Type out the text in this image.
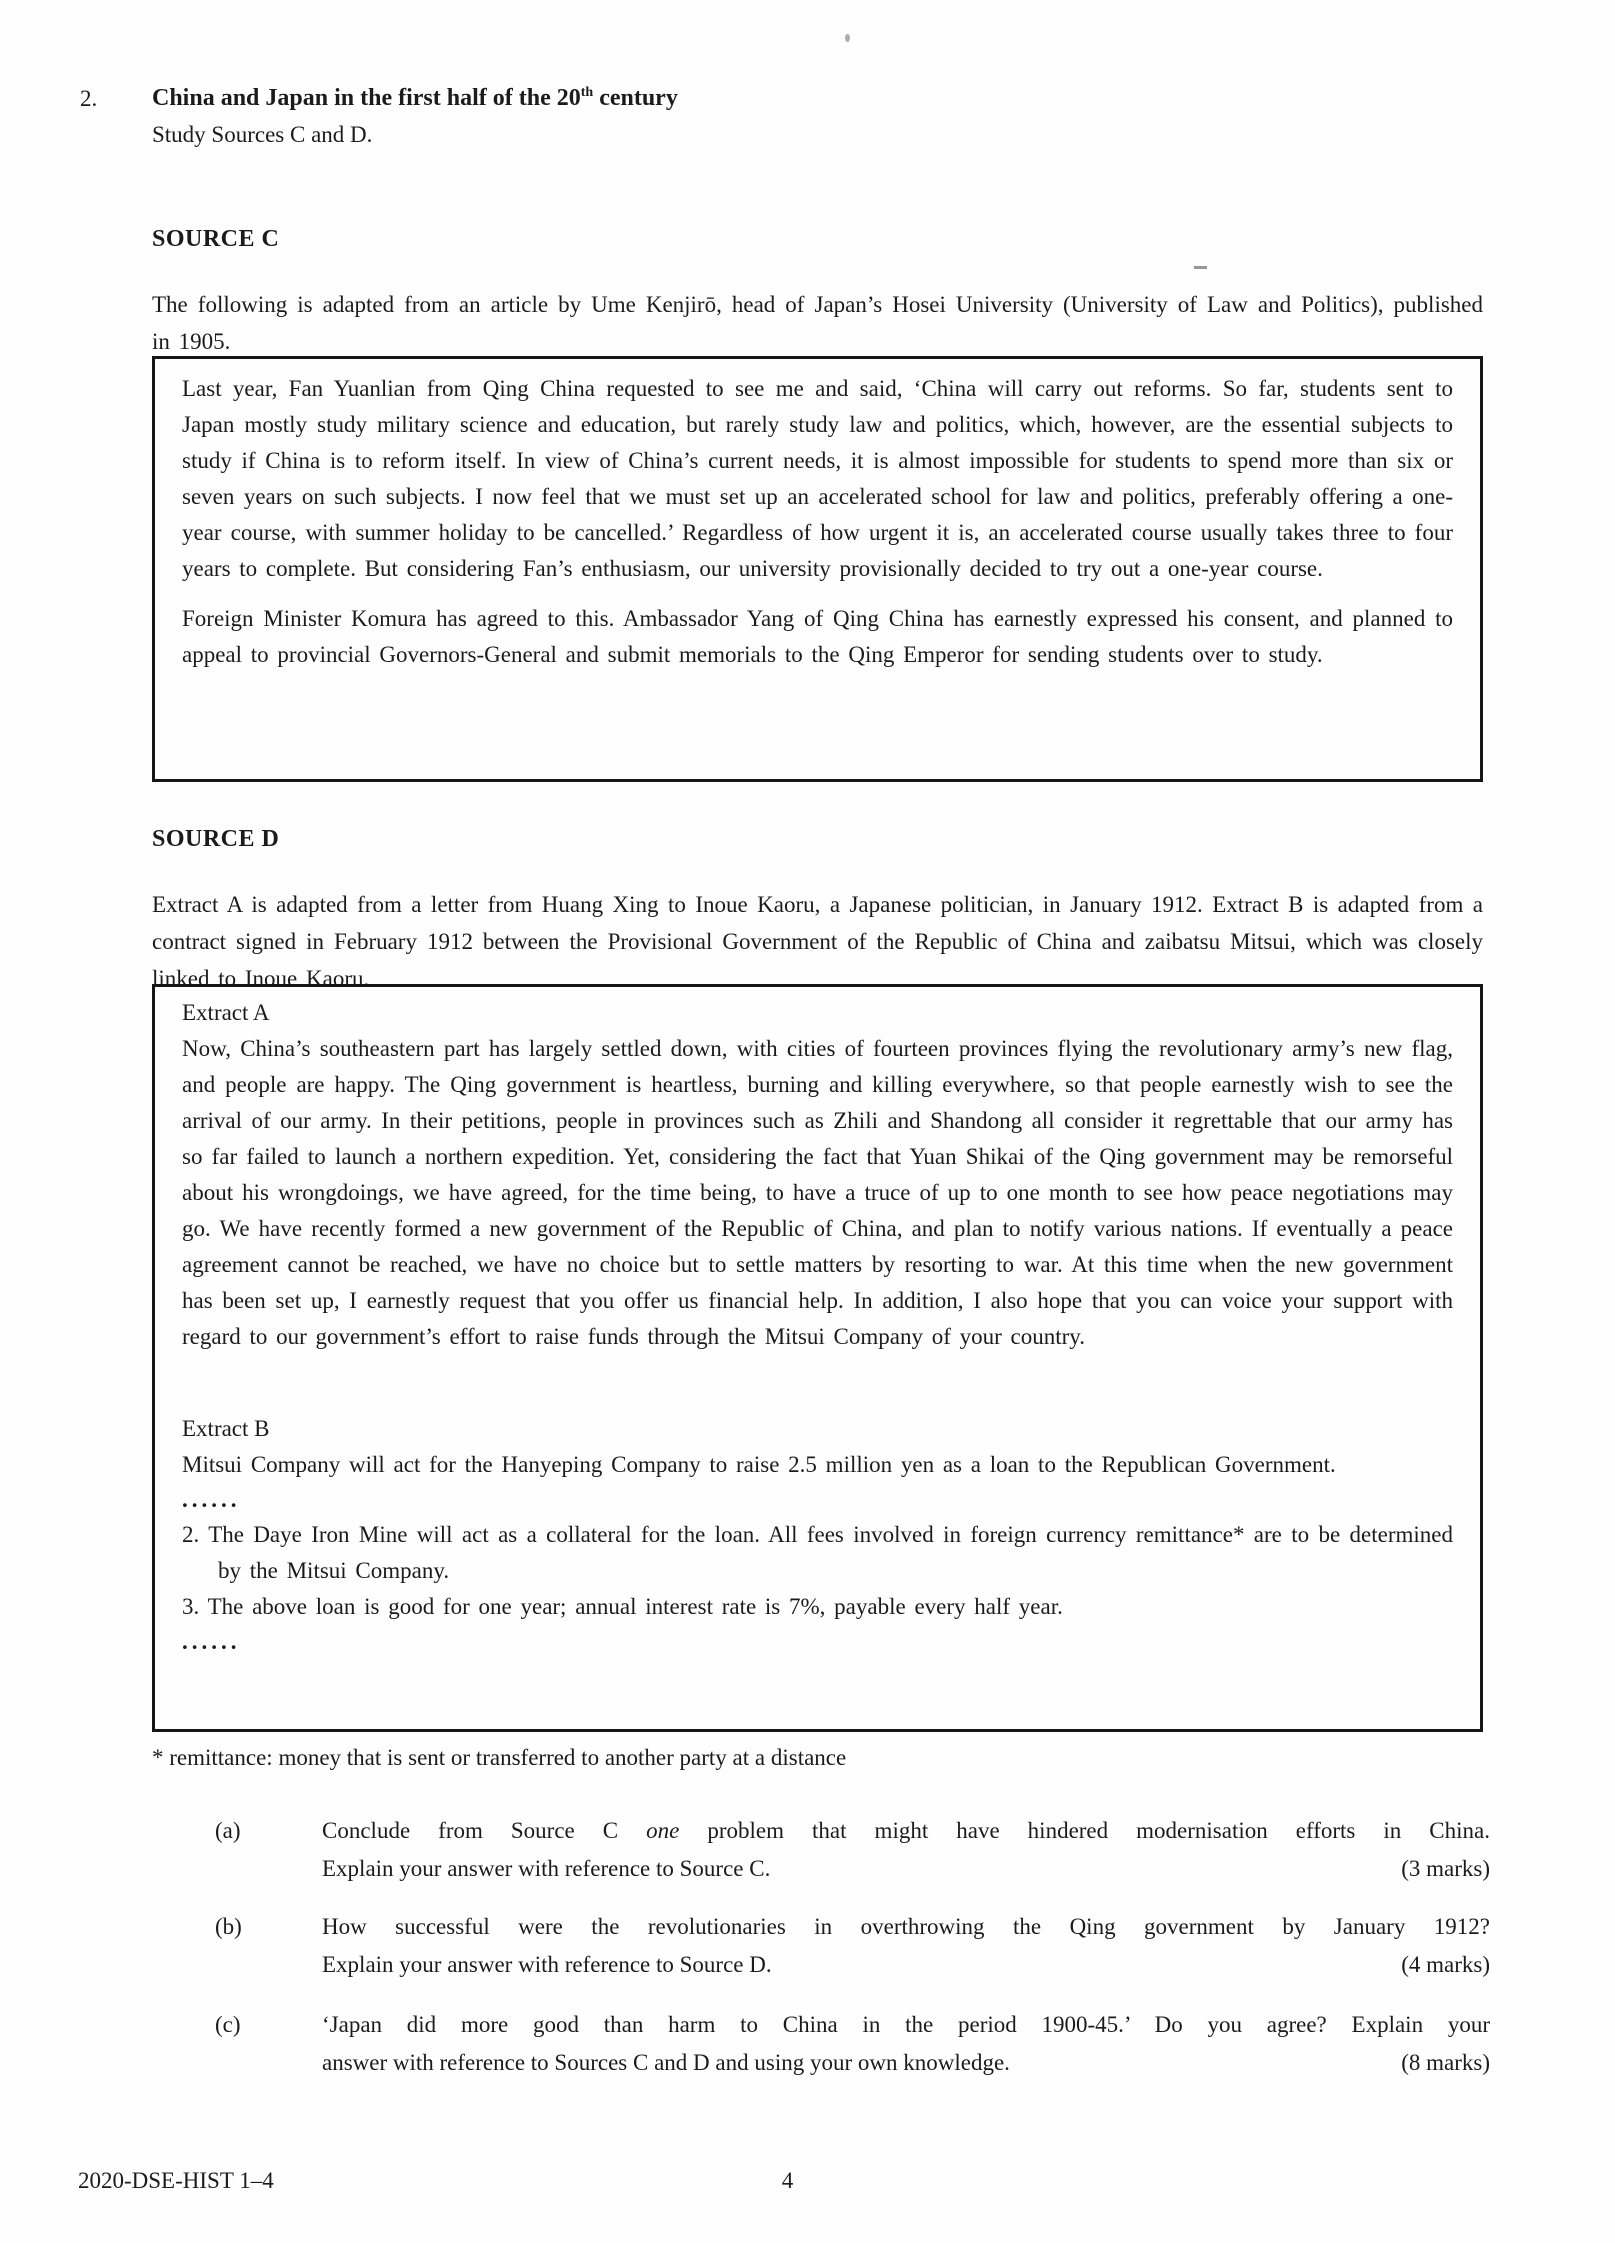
2. China and Japan in the first half of the 20th century
Study Sources C and D.
SOURCE C
The following is adapted from an article by Ume Kenjirō, head of Japan’s Hosei University (University of Law and Politics), published in 1905.

Last year, Fan Yuanlian from Qing China requested to see me and said, ‘China will carry out reforms. So far, students sent to Japan mostly study military science and education, but rarely study law and politics, which, however, are the essential subjects to study if China is to reform itself. In view of China’s current needs, it is almost impossible for students to spend more than six or seven years on such subjects. I now feel that we must set up an accelerated school for law and politics, preferably offering a one-year course, with summer holiday to be cancelled.’ Regardless of how urgent it is, an accelerated course usually takes three to four years to complete. But considering Fan’s enthusiasm, our university provisionally decided to try out a one-year course.

Foreign Minister Komura has agreed to this. Ambassador Yang of Qing China has earnestly expressed his consent, and planned to appeal to provincial Governors-General and submit memorials to the Qing Emperor for sending students over to study.

SOURCE D
Extract A is adapted from a letter from Huang Xing to Inoue Kaoru, a Japanese politician, in January 1912. Extract B is adapted from a contract signed in February 1912 between the Provisional Government of the Republic of China and zaibatsu Mitsui, which was closely linked to Inoue Kaoru.
Extract A

Now, China’s southeastern part has largely settled down, with cities of fourteen provinces flying the revolutionary army’s new flag, and people are happy. The Qing government is heartless, burning and killing everywhere, so that people earnestly wish to see the arrival of our army. In their petitions, people in provinces such as Zhili and Shandong all consider it regrettable that our army has so far failed to launch a northern expedition. Yet, considering the fact that Yuan Shikai of the Qing government may be remorseful about his wrongdoings, we have agreed, for the time being, to have a truce of up to one month to see how peace negotiations may go. We have recently formed a new government of the Republic of China, and plan to notify various nations. If eventually a peace agreement cannot be reached, we have no choice but to settle matters by resorting to war. At this time when the new government has been set up, I earnestly request that you offer us financial help. In addition, I also hope that you can voice your support with regard to our government’s effort to raise funds through the Mitsui Company of your country.

Extract B

Mitsui Company will act for the Hanyeping Company to raise 2.5 million yen as a loan to the Republican Government.

......
2. The Daye Iron Mine will act as a collateral for the loan. All fees involved in foreign currency remittance* are to be determined by the Mitsui Company.
3. The above loan is good for one year; annual interest rate is 7%, payable every half year.
......
* remittance: money that is sent or transferred to another party at a distance
(a)	Conclude from Source C one problem that might have hindered modernisation efforts in China.
Explain your answer with reference to Source C.	(3 marks)
(b)	How successful were the revolutionaries in overthrowing the Qing government by January 1912?
Explain your answer with reference to Source D.	(4 marks)
(c)	‘Japan did more good than harm to China in the period 1900-45.’ Do you agree? Explain your
answer with reference to Sources C and D and using your own knowledge.	(8 marks)
2020-DSE-HIST 1–4	4
